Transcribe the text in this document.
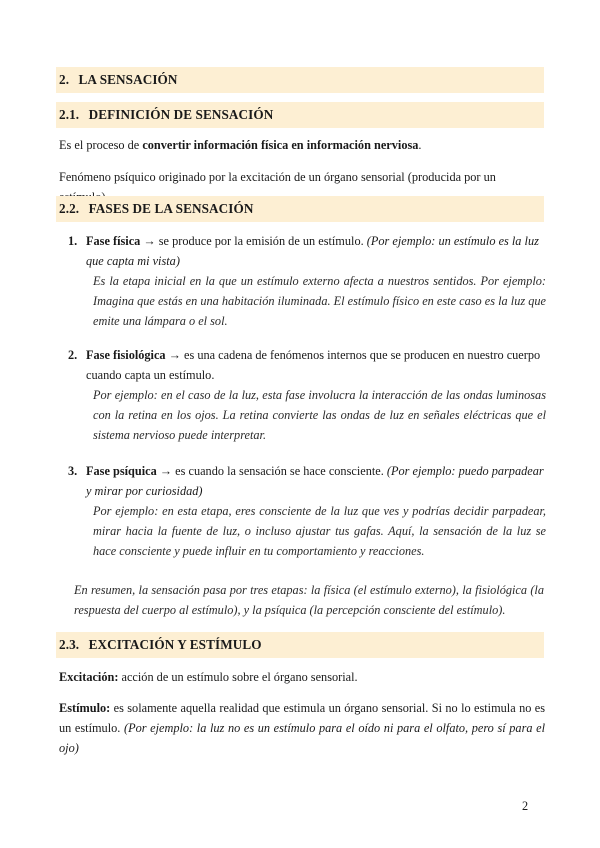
2. LA SENSACIÓN
2.1. DEFINICIÓN DE SENSACIÓN
Es el proceso de convertir información física en información nerviosa.
Fenómeno psíquico originado por la excitación de un órgano sensorial (producida por un
2.2. FASES DE LA SENSACIÓN
1. Fase física → se produce por la emisión de un estímulo. (Por ejemplo: un estímulo es la luz que capta mi vista)
Es la etapa inicial en la que un estímulo externo afecta a nuestros sentidos. Por ejemplo: Imagina que estás en una habitación iluminada. El estímulo físico en este caso es la luz que emite una lámpara o el sol.
2. Fase fisiológica → es una cadena de fenómenos internos que se producen en nuestro cuerpo cuando capta un estímulo.
Por ejemplo: en el caso de la luz, esta fase involucra la interacción de las ondas luminosas con la retina en los ojos. La retina convierte las ondas de luz en señales eléctricas que el sistema nervioso puede interpretar.
3. Fase psíquica → es cuando la sensación se hace consciente. (Por ejemplo: puedo parpadear y mirar por curiosidad)
Por ejemplo: en esta etapa, eres consciente de la luz que ves y podrías decidir parpadear, mirar hacia la fuente de luz, o incluso ajustar tus gafas. Aquí, la sensación de la luz se hace consciente y puede influir en tu comportamiento y reacciones.
En resumen, la sensación pasa por tres etapas: la física (el estímulo externo), la fisiológica (la respuesta del cuerpo al estímulo), y la psíquica (la percepción consciente del estímulo).
2.3. EXCITACIÓN Y ESTÍMULO
Excitación: acción de un estímulo sobre el órgano sensorial.
Estímulo: es solamente aquella realidad que estimula un órgano sensorial. Si no lo estimula no es un estímulo. (Por ejemplo: la luz no es un estímulo para el oído ni para el olfato, pero sí para el ojo)
2
